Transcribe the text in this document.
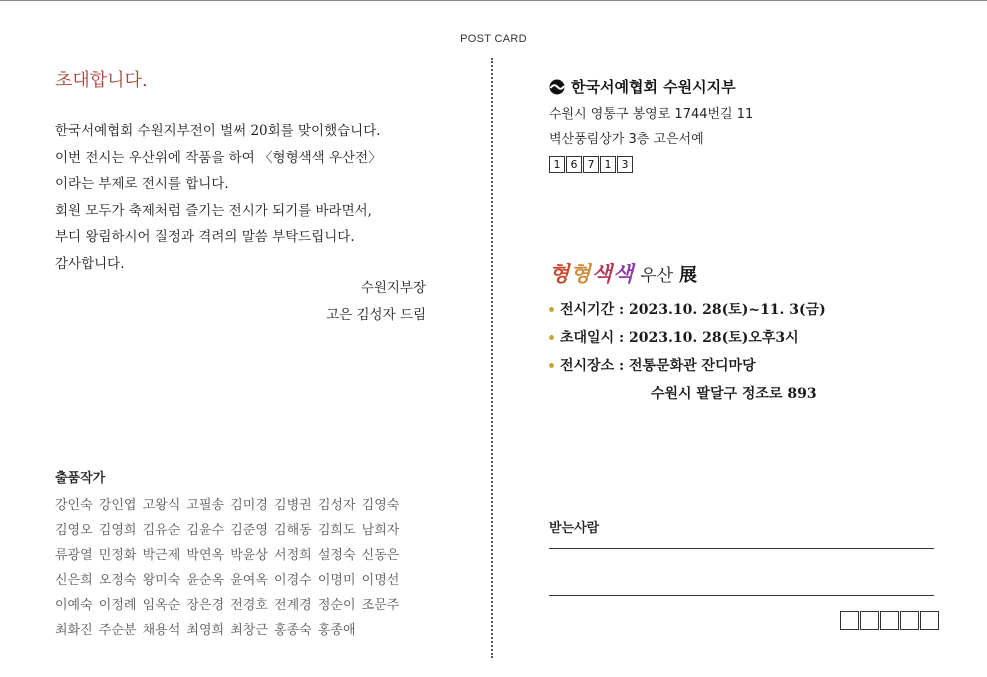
POST CARD
초대합니다.
한국서예협회 수원지부전이 벌써 20회를 맞이했습니다.
이번 전시는 우산위에 작품을 하여 〈형형색색 우산전〉
이라는 부제로 전시를 합니다.
회원 모두가 축제처럼 즐기는 전시가 되기를 바라면서,
부디 왕림하시어 질정과 격려의 말씀 부탁드립니다.
감사합니다.
수원지부장
고은 김성자 드림
출품작가
강인숙 강인엽 고왕식 고필송 김미경 김병권 김성자 김영숙
김영오 김영희 김유순 김윤수 김준영 김해동 김희도 남희자
류광열 민정화 박근제 박연옥 박윤상 서정희 설정숙 신동은
신은희 오정숙 왕미숙 윤순옥 윤여옥 이경수 이명미 이명선
이예숙 이정례 임옥순 장은경 전경호 전계경 정순이 조문주
최화진 주순분 채용석 최영희 최창근 홍종숙 홍종애
한국서예협회 수원시지부
수원시 영통구 봉영로 1744번길 11
벽산풍림상가 3층 고은서예
1 6 7 1 3
형형색색 우산 展
전시기간 : 2023.10. 28(토)~11. 3(금)
초대일시 : 2023.10. 28(토)오후3시
전시장소 : 전통문화관 잔디마당
수원시 팔달구 정조로 893
받는사람
